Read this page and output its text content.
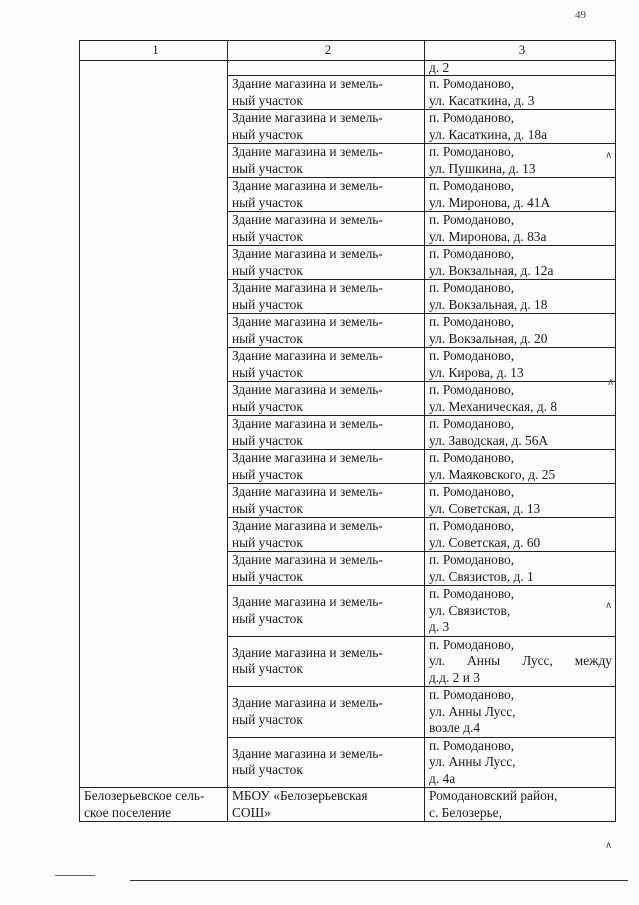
49
1	2	3
		д. 2

	Здание магазина и земель-
ный участок	п. Ромоданово,
ул. Касаткина, д. 3

	Здание магазина и земель-
ный участок	п. Ромоданово,
ул. Касаткина, д. 18а

	Здание магазина и земель-
ный участок	п. Ромоданово,
ул. Пушкина, д. 13

	Здание магазина и земель-
ный участок	п. Ромоданово,
ул. Миронова, д. 41А

	Здание магазина и земель-
ный участок	п. Ромоданово,
ул. Миронова, д. 83а

	Здание магазина и земель-
ный участок	п. Ромоданово,
ул. Вокзальная, д. 12а

	Здание магазина и земель-
ный участок	п. Ромоданово,
ул. Вокзальная, д. 18

	Здание магазина и земель-
ный участок	п. Ромоданово,
ул. Вокзальная, д. 20

	Здание магазина и земель-
ный участок	п. Ромоданово,
ул. Кирова, д. 13

	Здание магазина и земель-
ный участок	п. Ромоданово,
ул. Механическая, д. 8

	Здание магазина и земель-
ный участок	п. Ромоданово,
ул. Заводская, д. 56А

	Здание магазина и земель-
ный участок	п. Ромоданово,
ул. Маяковского, д. 25

	Здание магазина и земель-
ный участок	п. Ромоданово,
ул. Советская, д. 13

	Здание магазина и земель-
ный участок	п. Ромоданово,
ул. Советская, д. 60

	Здание магазина и земель-
ный участок	п. Ромоданово,
ул. Связистов, д. 1

	Здание магазина и земель-
ный участок	п. Ромоданово,
ул. Связистов,
д. 3

	Здание магазина и земель-
ный участок	п. Ромоданово,
ул. Анны Лусс, между
д.д. 2 и 3

	Здание магазина и земель-
ный участок	п. Ромоданово,
ул. Анны Лусс,
возле д.4

	Здание магазина и земель-
ный участок	п. Ромоданово,
ул. Анны Лусс,
д. 4а

Белозерьевское сель-
ское поселение	МБОУ «Белозерьевская
СОШ»	Ромодановский район,
с. Белозерье,
∧
∧
∧
∧
